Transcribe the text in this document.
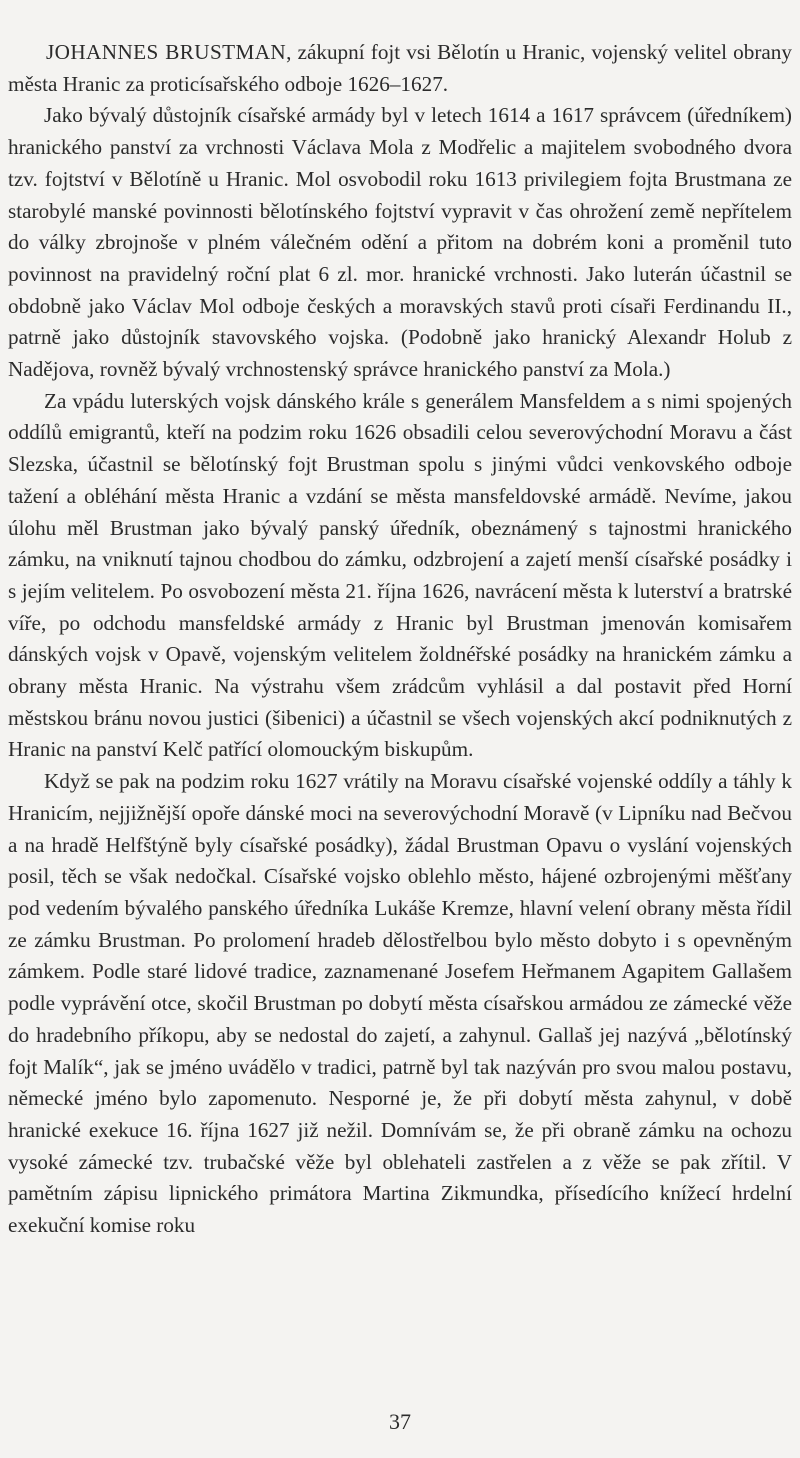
JOHANNES BRUSTMAN, zákupní fojt vsi Bělotín u Hranic, vojenský velitel obrany města Hranic za proticísařského odboje 1626–1627.

Jako bývalý důstojník císařské armády byl v letech 1614 a 1617 správcem (úředníkem) hranického panství za vrchnosti Václava Mola z Modřelic a majitelem svobodného dvora tzv. fojtství v Bělotíně u Hranic. Mol osvobodil roku 1613 privilegiem fojta Brustmana ze starobylé manské povinnosti bělotínského fojtství vypravit v čas ohrožení země nepřítelem do války zbrojnoše v plném válečném odění a přitom na dobrém koni a proměnil tuto povinnost na pravidelný roční plat 6 zl. mor. hranické vrchnosti. Jako luterán účastnil se obdobně jako Václav Mol odboje českých a moravských stavů proti císaři Ferdinandu II., patrně jako důstojník stavovského vojska. (Podobně jako hranický Alexandr Holub z Nadějova, rovněž bývalý vrchnostenský správce hranického panství za Mola.)

Za vpádu luterských vojsk dánského krále s generálem Mansfeldem a s nimi spojených oddílů emigrantů, kteří na podzim roku 1626 obsadili celou severovýchodní Moravu a část Slezska, účastnil se bělotínský fojt Brustman spolu s jinými vůdci venkovského odboje tažení a obléhání města Hranic a vzdání se města mansfeldovské armádě. Nevíme, jakou úlohu měl Brustman jako bývalý panský úředník, obeznámený s tajnostmi hranického zámku, na vniknutí tajnou chodbou do zámku, odzbrojení a zajetí menší císařské posádky i s jejím velitelem. Po osvobození města 21. října 1626, navrácení města k luterství a bratrské víře, po odchodu mansfeldské armády z Hranic byl Brustman jmenován komisařem dánských vojsk v Opavě, vojenským velitelem žoldnéřské posádky na hranickém zámku a obrany města Hranic. Na výstrahu všem zrádcům vyhlásil a dal postavit před Horní městskou bránu novou justici (šibenici) a účastnil se všech vojenských akcí podniknutých z Hranic na panství Kelč patřící olomouckým biskupům.

Když se pak na podzim roku 1627 vrátily na Moravu císařské vojenské oddíly a táhly k Hranicím, nejjižnější opoře dánské moci na severovýchodní Moravě (v Lipníku nad Bečvou a na hradě Helfštýně byly císařské posádky), žádal Brustman Opavu o vyslání vojenských posil, těch se však nedočkal. Císařské vojsko oblehlo město, hájené ozbrojenými měšťany pod vedením bývalého panského úředníka Lukáše Kremze, hlavní velení obrany města řídil ze zámku Brustman. Po prolomení hradeb dělostřelbou bylo město dobyto i s opevněným zámkem. Podle staré lidové tradice, zaznamenané Josefem Heřmanem Agapitem Gallašem podle vyprávění otce, skočil Brustman po dobytí města císařskou armádou ze zámecké věže do hradebního příkopu, aby se nedostal do zajetí, a zahynul. Gallaš jej nazývá „bělotínský fojt Malík“, jak se jméno uvádělo v tradici, patrně byl tak nazýván pro svou malou postavu, německé jméno bylo zapomenuto. Nesporné je, že při dobytí města zahynul, v době hranické exekuce 16. října 1627 již nežil. Domnívám se, že při obraně zámku na ochozu vysoké zámecké tzv. trubačské věže byl oblehateli zastřelen a z věže se pak zřítil. V pamětním zápisu lipnického primátora Martina Zikmundka, přísedícího knížecí hrdelní exekuční komise roku

37
